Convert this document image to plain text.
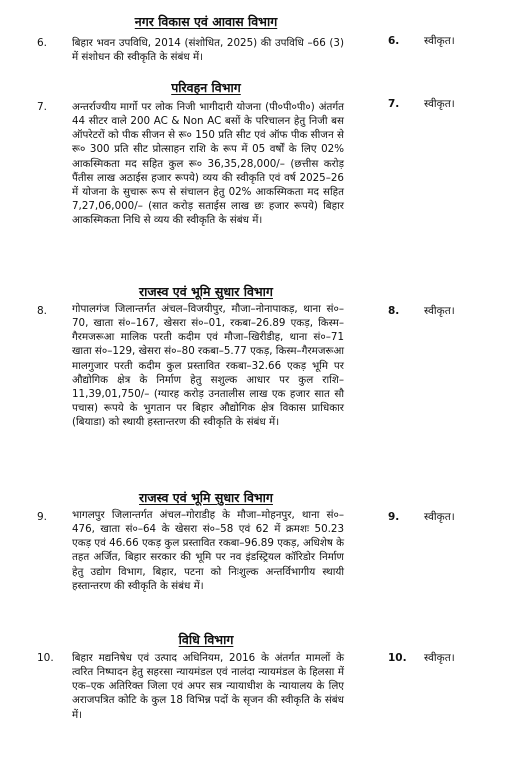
नगर विकास एवं आवास विभाग
6. बिहार भवन उपविधि, 2014 (संशोधित, 2025) की उपविधि –66 (3) में संशोधन की स्वीकृति के संबंध में।
6. स्वीकृत।
परिवहन विभाग
7. अन्तर्राज्यीय मार्गो पर लोक निजी भागीदारी योजना (पी०पी०पी०) अंतर्गत 44 सीटर वाले 200 AC & Non AC बसों के परिचालन हेतु निजी बस ऑपरेटरों को पीक सीजन से रू० 150 प्रति सीट एवं ऑफ पीक सीजन से रू० 300 प्रति सीट प्रोत्साहन राशि के रूप में 05 वर्षों के लिए 02% आकस्मिकता मद सहित कुल रू० 36,35,28,000/– (छत्तीस करोड़ पैंतीस लाख अठाईस हजार रूपये) व्यय की स्वीकृति एवं वर्ष 2025–26 में योजना के सुचारू रूप से संचालन हेतु 02% आकस्मिकता मद सहित 7,27,06,000/– (सात करोड़ सताईस लाख छः हजार रूपये) बिहार आकस्मिकता निधि से व्यय की स्वीकृति के संबंध में।
7. स्वीकृत।
राजस्व एवं भूमि सुधार विभाग
8. गोपालगंज जिलान्तर्गत अंचल–विजयीपुर, मौजा–नोनापाकड़, थाना सं०–70, खाता सं०–167, खेसरा सं०–01, रकबा–26.89 एकड़, किस्म–गैरमजरूआ मालिक परती कदीम एवं मौजा–खिरीडीह, थाना सं०–71 खाता सं०–129, खेसरा सं०–80 रकबा–5.77 एकड़, किस्म–गैरमजरूआ मालगुजार परती कदीम कुल प्रस्तावित रकबा–32.66 एकड़ भूमि पर औद्योगिक क्षेत्र के निर्माण हेतु सशुल्क आधार पर कुल राशि–11,39,01,750/– (ग्यारह करोड़ उनतालीस लाख एक हजार सात सौ पचास) रूपये के भुगतान पर बिहार औद्योगिक क्षेत्र विकास प्राधिकार (बियाडा) को स्थायी हस्तान्तरण की स्वीकृति के संबंध में।
8. स्वीकृत।
राजस्व एवं भूमि सुधार विभाग
9. भागलपुर जिलान्तर्गत अंचल–गोराडीह के मौजा–मोहनपुर, थाना सं०–476, खाता सं०–64 के खेसरा सं०–58 एवं 62 में क्रमशः 50.23 एकड़ एवं 46.66 एकड़ कुल प्रस्तावित रकबा–96.89 एकड़, अधिशेष के तहत अर्जित, बिहार सरकार की भूमि पर नव इंडस्ट्रियल कॉरिडोर निर्माण हेतु उद्योग विभाग, बिहार, पटना को निःशुल्क अन्तर्विभागीय स्थायी हस्तान्तरण की स्वीकृति के संबंध में।
9. स्वीकृत।
विधि विभाग
10. बिहार मद्यनिषेध एवं उत्पाद अधिनियम, 2016 के अंतर्गत मामलों के त्वरित निष्पादन हेतु सहरसा न्यायमंडल एवं नालंदा न्यायमंडल के हिलसा में एक–एक अतिरिक्त जिला एवं अपर सत्र न्यायाधीश के न्यायालय के लिए अराजपत्रित कोटि के कुल 18 विभिन्न पदों के सृजन की स्वीकृति के संबंध में।
10. स्वीकृत।
